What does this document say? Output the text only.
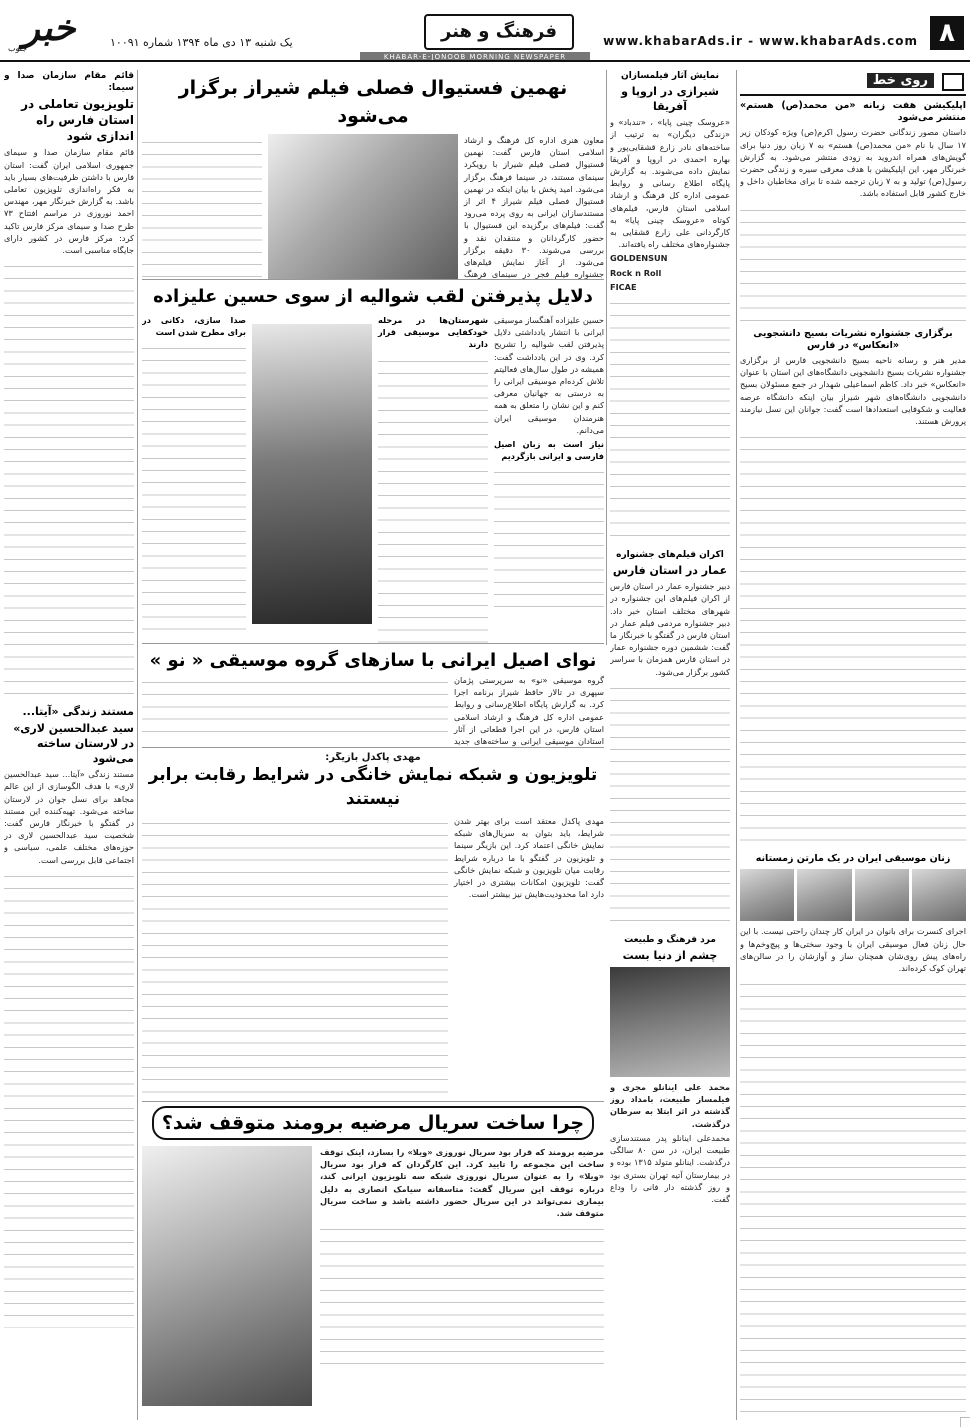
۸
www.khabarAds.ir - www.khabarAds.com
فرهنگ و هنر
یک شنبه ۱۳ دی ماه ۱۳۹۴ شماره ۱۰۰۹۱
خبر
جنوب
KHABAR-E-JONOOB MORNING NEWSPAPER
روی خط

اپلیکیشن هفت زبانه «من محمد(ص) هستم» منتشر می‌شود

داستان مصور زندگانی حضرت رسول اکرم(ص) ویژه کودکان زیر ۱۷ سال با نام «من محمد(ص) هستم» به ۷ زبان روز دنیا برای گویش‌های همراه اندروید به زودی منتشر می‌شود. به گزارش خبرنگار مهر، این اپلیکیشن با هدف معرفی سیره و زندگی حضرت رسول(ص) تولید و به ۷ زبان ترجمه شده تا برای مخاطبان داخل و خارج کشور قابل استفاده باشد.

برگزاری جشنواره نشریات بسیج دانشجویی «انعکاس» در فارس

مدیر هنر و رسانه ناحیه بسیج دانشجویی فارس از برگزاری جشنواره نشریات بسیج دانشجویی دانشگاه‌های این استان با عنوان «انعکاس» خبر داد. کاظم اسماعیلی شهدار در جمع مسئولان بسیج دانشجویی دانشگاه‌های شهر شیراز بیان اینکه دانشگاه عرصه فعالیت و شکوفایی استعدادها است گفت: جوانان این نسل نیازمند پرورش هستند.

زنان موسیقی ایران در یک مارتن زمستانه

اجرای کنسرت برای بانوان در ایران کار چندان راحتی نیست. با این حال زنان فعال موسیقی ایران با وجود سختی‌ها و پیچ‌وخم‌ها و راه‌های پیش روی‌شان همچنان ساز و آواز‌شان را در سالن‌های تهران کوک کرده‌اند.

قائم مقام سازمان صدا و سیما:

تلویزیون تعاملی در استان فارس راه اندازی شود

قائم مقام سازمان صدا و سیمای جمهوری اسلامی ایران گفت: استان فارس با داشتن ظرفیت‌های بسیار باید به فکر راه‌اندازی تلویزیون تعاملی باشد. به گزارش خبرنگار مهر، مهندس احمد نوروزی در مراسم افتتاح ۷۳ طرح صدا و سیمای مرکز فارس تاکید کرد: مرکز فارس در کشور دارای جایگاه مناسبی است.

مستند زندگی «آیتا...

سید عبدالحسین لاری» در لارستان ساخته می‌شود

مستند زندگی «آیتا... سید عبدالحسین لاری» با هدف الگوسازی از این عالم مجاهد برای نسل جوان در لارستان ساخته می‌شود. تهیه‌کننده این مستند در گفتگو با خبرنگار فارس گفت: شخصیت سید عبدالحسین لاری در حوزه‌های مختلف علمی، سیاسی و اجتماعی قابل بررسی است.

نمایش آثار فیلمسازان

شیرازی در اروپا و آفریقا

«عروسک چینی پایا» ، «تندباد» و «زندگی دیگران» به ترتیب از ساخته‌های نادر زارع قشقایی‌پور و بهاره احمدی در اروپا و آفریقا نمایش داده می‌شوند. به گزارش پایگاه اطلاع رسانی و روابط عمومی اداره کل فرهنگ و ارشاد اسلامی استان فارس، فیلم‌های کوتاه «عروسک چینی پایا» به کارگردانی علی زارع قشقایی به جشنواره‌های مختلف راه یافته‌اند.

GOLDENSUN

Rock n Roll

FICAE

اکران فیلم‌های جشنواره

عمار در استان فارس

دبیر جشنواره عمار در استان فارس از اکران فیلم‌های این جشنواره در شهرهای مختلف استان خبر داد. دبیر جشنواره مردمی فیلم عمار در استان فارس در گفتگو با خبرنگار ما گفت: ششمین دوره جشنواره عمار در استان فارس همزمان با سراسر کشور برگزار می‌شود.

مرد فرهنگ و طبیعت

چشم از دنیا بست

محمد علی اینانلو مجری و فیلمساز طبیعت، بامداد روز گذشته در اثر ابتلا به سرطان درگذشت.

محمدعلی اینانلو پدر مستندسازی طبیعت ایران، در سن ۸۰ سالگی درگذشت. اینانلو متولد ۱۳۱۵ بوده و در بیمارستان آتیه تهران بستری بود و روز گذشته دار فانی را وداع گفت.

نهمین فستیوال فصلی فیلم شیراز برگزار می‌شود
معاون هنری اداره کل فرهنگ و ارشاد اسلامی استان فارس گفت: نهمین فستیوال فصلی فیلم شیراز با رویکرد سینمای مستند، در سینما فرهنگ برگزار می‌شود. امید پخش با بیان اینکه در نهمین فستیوال فصلی فیلم شیراز ۴ اثر از مستندسازان ایرانی به روی پرده می‌رود گفت: فیلم‌های برگزیده این فستیوال با حضور کارگردانان و منتقدان نقد و بررسی می‌شوند. ۳۰ دقیقه برگزار می‌شود. از آغاز نمایش فیلم‌های جشنواره فیلم فجر در سینمای فرهنگ
دلایل پذیرفتن لقب شوالیه از سوی حسین علیزاده

حسین علیزاده آهنگساز موسیقی ایرانی با انتشار یادداشتی دلایل پذیرفتن لقب شوالیه را تشریح کرد. وی در این یادداشت گفت: همیشه در طول سال‌های فعالیتم تلاش کرده‌ام موسیقی ایرانی را به درستی به جهانیان معرفی کنم و این نشان را متعلق به همه هنرمندان موسیقی ایران می‌دانم.

نیاز است به زبان اصیل فارسی و ایرانی بازگردیم

شهرستان‌ها در مرحله خودکفایی موسیقی قرار دارند

صدا سازی، دکانی در برای مطرح شدن است

نوای اصیل ایرانی با سازهای گروه موسیقی « نو »
گروه موسیقی «نو» به سرپرستی پژمان سپهری در تالار حافظ شیراز برنامه اجرا کرد. به گزارش پایگاه اطلاع‌رسانی و روابط عمومی اداره کل فرهنگ و ارشاد اسلامی استان فارس، در این اجرا قطعاتی از آثار استادان موسیقی ایرانی و ساخته‌های جدید
مهدی پاکدل بازیگر:
تلویزیون و شبکه نمایش خانگی در شرایط رقابت برابر نیستند
مهدی پاکدل معتقد است برای بهتر شدن شرایط، باید بتوان به سریال‌های شبکه نمایش خانگی اعتماد کرد. این بازیگر سینما و تلویزیون در گفتگو با ما درباره شرایط رقابت میان تلویزیون و شبکه نمایش خانگی گفت: تلویزیون امکانات بیشتری در اختیار دارد اما محدودیت‌هایش نیز بیشتر است.
چرا ساخت سریال مرضیه برومند متوقف شد؟

مرضیه برومند که قرار بود سریال نوروزی «ویلا» را بسازد، اینک توقف ساخت این مجموعه را تایید کرد. این کارگردان که قرار بود سریال «ویلا» را به عنوان سریال نوروزی شبکه سه تلویزیون ایرانی کند، درباره توقف این سریال گفت: متاسفانه سیامک انصاری به دلیل بیماری نمی‌تواند در این سریال حضور داشته باشد و ساخت سریال متوقف شد.
